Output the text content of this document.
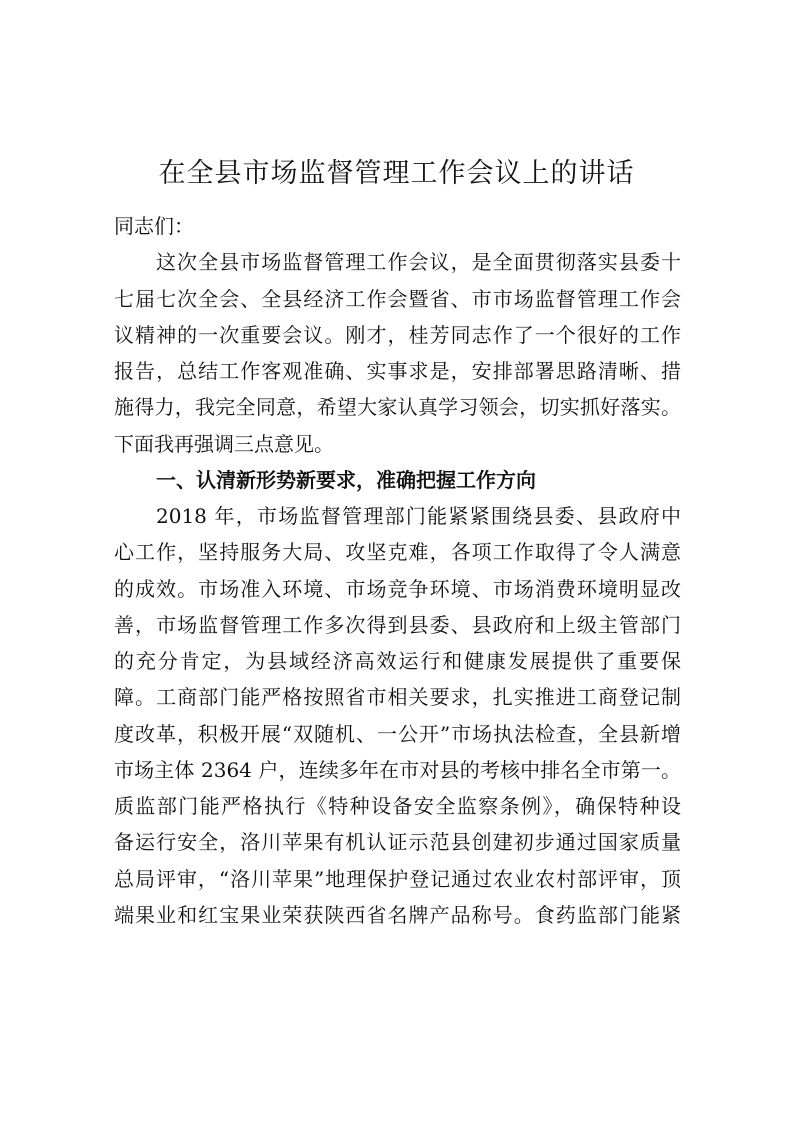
在全县市场监督管理工作会议上的讲话
同志们：
这次全县市场监督管理工作会议，是全面贯彻落实县委十
七届七次全会、全县经济工作会暨省、市市场监督管理工作会
议精神的一次重要会议。刚才，桂芳同志作了一个很好的工作
报告，总结工作客观准确、实事求是，安排部署思路清晰、措
施得力，我完全同意，希望大家认真学习领会，切实抓好落实。
下面我再强调三点意见。
一、认清新形势新要求，准确把握工作方向
2018 年，市场监督管理部门能紧紧围绕县委、县政府中
心工作，坚持服务大局、攻坚克难，各项工作取得了令人满意
的成效。市场准入环境、市场竞争环境、市场消费环境明显改
善，市场监督管理工作多次得到县委、县政府和上级主管部门
的充分肯定，为县域经济高效运行和健康发展提供了重要保
障。工商部门能严格按照省市相关要求，扎实推进工商登记制
度改革，积极开展“双随机、一公开”市场执法检查，全县新增
市场主体 2364 户，连续多年在市对县的考核中排名全市第一。
质监部门能严格执行《特种设备安全监察条例》，确保特种设
备运行安全，洛川苹果有机认证示范县创建初步通过国家质量
总局评审，“洛川苹果”地理保护登记通过农业农村部评审，顶
端果业和红宝果业荣获陕西省名牌产品称号。食药监部门能紧
